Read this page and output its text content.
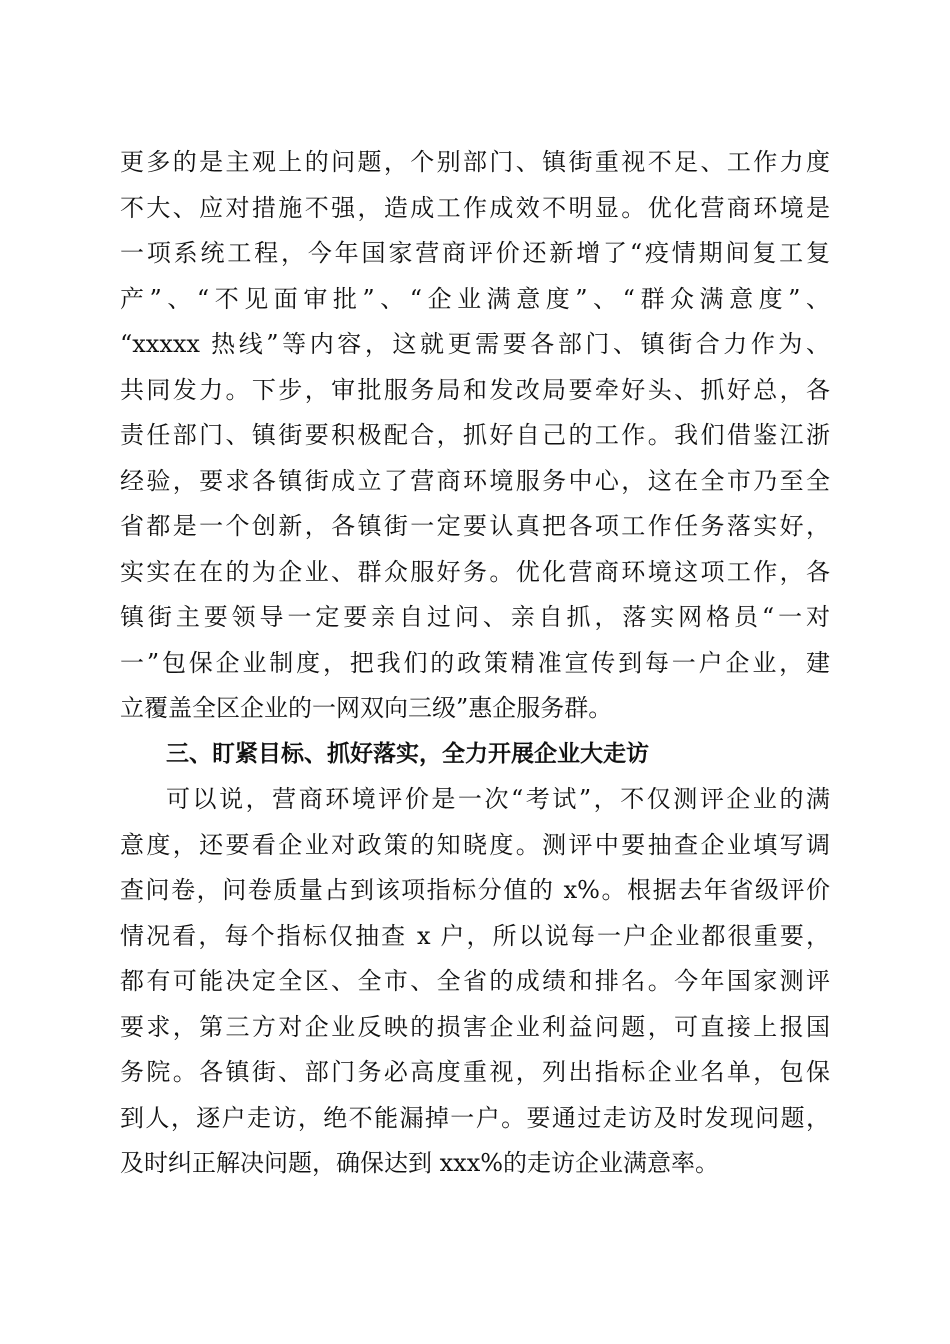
更多的是主观上的问题，个别部门、镇街重视不足、工作力度
不大、应对措施不强，造成工作成效不明显。优化营商环境是
一项系统工程，今年国家营商评价还新增了“疫情期间复工复
产”、“不见面审批”、“企业满意度”、“群众满意度”、
“xxxxx 热线”等内容，这就更需要各部门、镇街合力作为、
共同发力。下步，审批服务局和发改局要牵好头、抓好总，各
责任部门、镇街要积极配合，抓好自己的工作。我们借鉴江浙
经验，要求各镇街成立了营商环境服务中心，这在全市乃至全
省都是一个创新，各镇街一定要认真把各项工作任务落实好，
实实在在的为企业、群众服好务。优化营商环境这项工作，各
镇街主要领导一定要亲自过问、亲自抓，落实网格员“一对
一”包保企业制度，把我们的政策精准宣传到每一户企业，建
立覆盖全区企业的一网双向三级”惠企服务群。
三、盯紧目标、抓好落实，全力开展企业大走访
可以说，营商环境评价是一次“考试”，不仅测评企业的满
意度，还要看企业对政策的知晓度。测评中要抽查企业填写调
查问卷，问卷质量占到该项指标分值的 x%。根据去年省级评价
情况看，每个指标仅抽查 x 户，所以说每一户企业都很重要，
都有可能决定全区、全市、全省的成绩和排名。今年国家测评
要求，第三方对企业反映的损害企业利益问题，可直接上报国
务院。各镇街、部门务必高度重视，列出指标企业名单，包保
到人，逐户走访，绝不能漏掉一户。要通过走访及时发现问题，
及时纠正解决问题，确保达到 xxx%的走访企业满意率。
